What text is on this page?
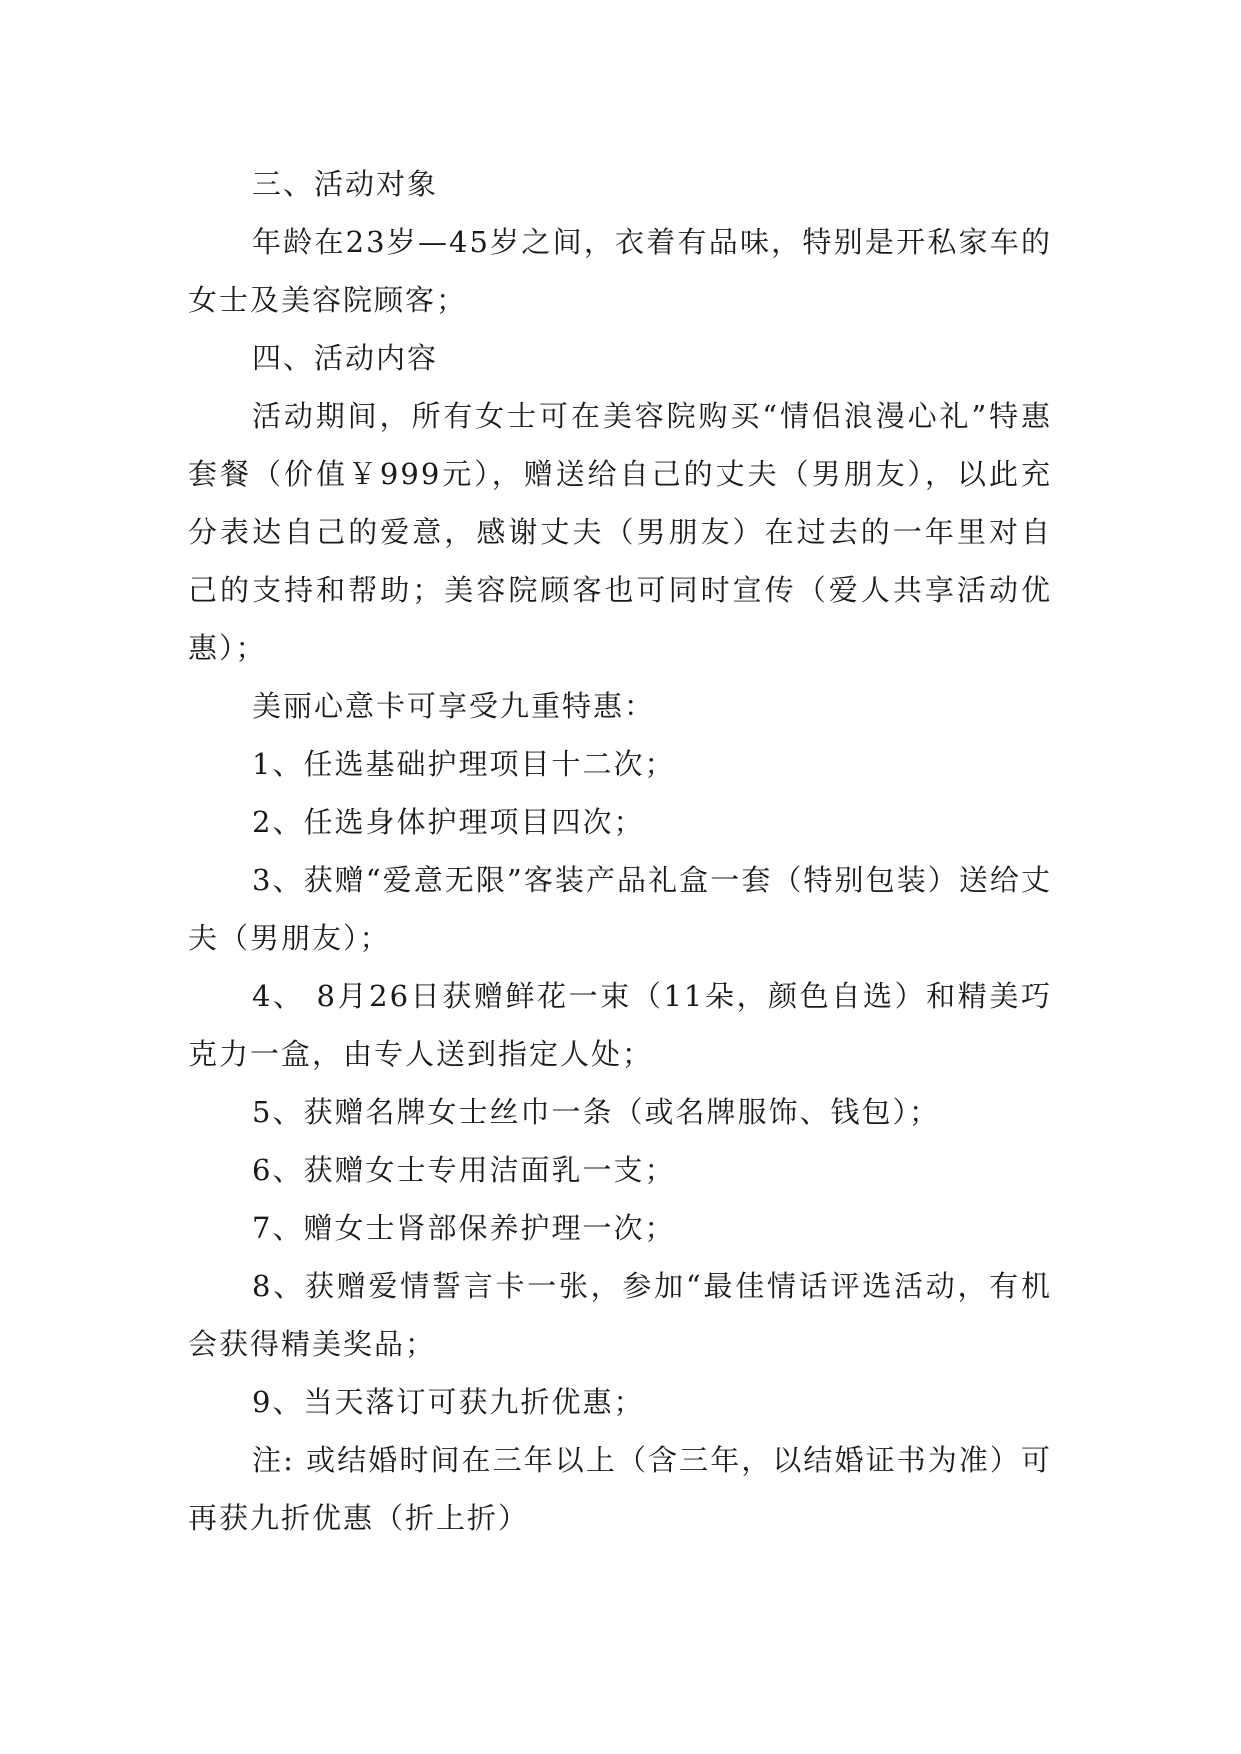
三、活动对象

年龄在23岁—45岁之间，衣着有品味，特别是开私家车的女士及美容院顾客；

四、活动内容

活动期间，所有女士可在美容院购买“情侣浪漫心礼”特惠套餐（价值￥999元），赠送给自己的丈夫（男朋友），以此充分表达自己的爱意，感谢丈夫（男朋友）在过去的一年里对自己的支持和帮助；美容院顾客也可同时宣传（爱人共享活动优惠）；

美丽心意卡可享受九重特惠：

1、任选基础护理项目十二次；

2、任选身体护理项目四次；

3、获赠“爱意无限”客装产品礼盒一套（特别包装）送给丈夫（男朋友）；

4、 8月26日获赠鲜花一束（11朵，颜色自选）和精美巧克力一盒，由专人送到指定人处；

5、获赠名牌女士丝巾一条（或名牌服饰、钱包）；

6、获赠女士专用洁面乳一支；

7、赠女士肾部保养护理一次；

8、获赠爱情誓言卡一张，参加“最佳情话评选活动，有机会获得精美奖品；

9、当天落订可获九折优惠；

注: 或结婚时间在三年以上（含三年，以结婚证书为准）可再获九折优惠（折上折）
